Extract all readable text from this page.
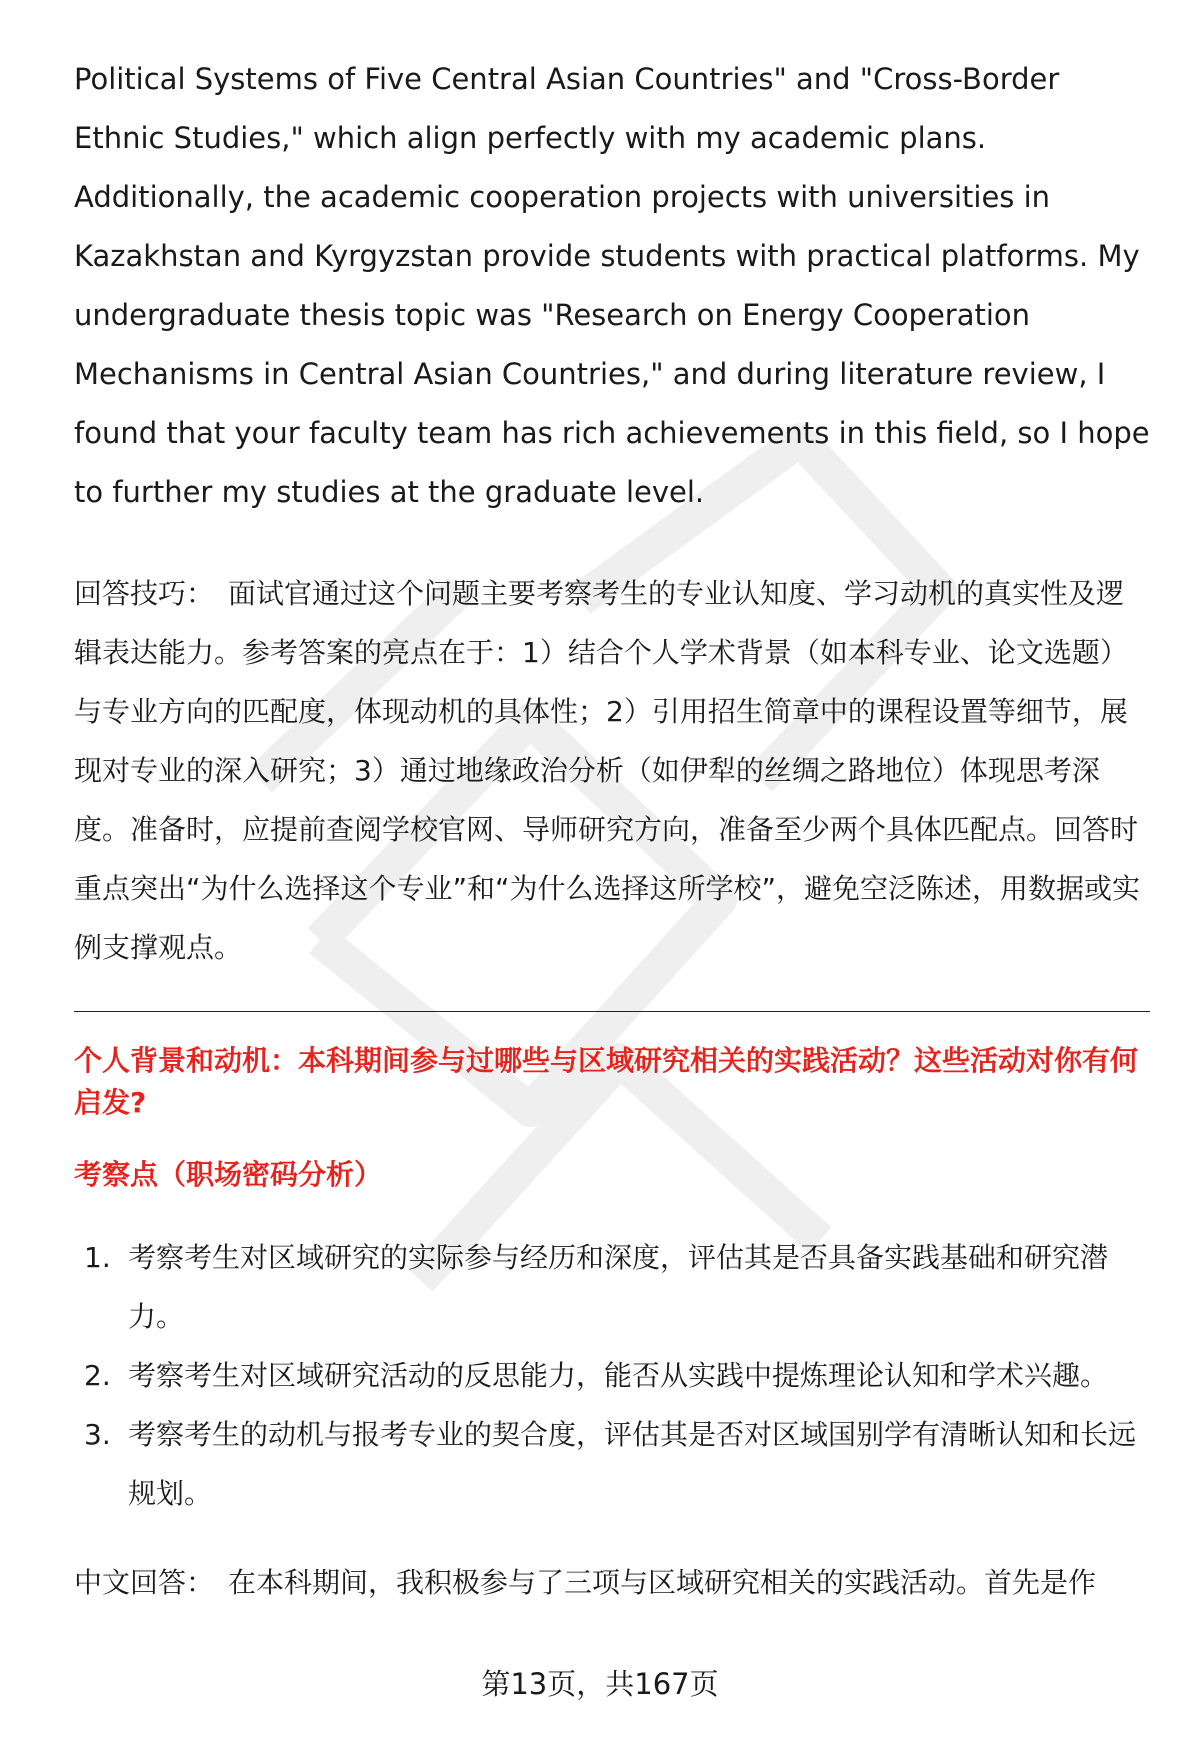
Political Systems of Five Central Asian Countries" and "Cross-Border Ethnic Studies," which align perfectly with my academic plans. Additionally, the academic cooperation projects with universities in Kazakhstan and Kyrgyzstan provide students with practical platforms. My undergraduate thesis topic was "Research on Energy Cooperation Mechanisms in Central Asian Countries," and during literature review, I found that your faculty team has rich achievements in this field, so I hope to further my studies at the graduate level.

回答技巧： 面试官通过这个问题主要考察考生的专业认知度、学习动机的真实性及逻辑表达能力。参考答案的亮点在于：1）结合个人学术背景（如本科专业、论文选题）与专业方向的匹配度，体现动机的具体性；2）引用招生简章中的课程设置等细节，展现对专业的深入研究；3）通过地缘政治分析（如伊犁的丝绸之路地位）体现思考深度。准备时，应提前查阅学校官网、导师研究方向，准备至少两个具体匹配点。回答时重点突出“为什么选择这个专业”和“为什么选择这所学校”，避免空泛陈述，用数据或实例支撑观点。

个人背景和动机：本科期间参与过哪些与区域研究相关的实践活动？这些活动对你有何启发?

考察点（职场密码分析）

1. 考察考生对区域研究的实际参与经历和深度，评估其是否具备实践基础和研究潜力。
2. 考察考生对区域研究活动的反思能力，能否从实践中提炼理论认知和学术兴趣。
3. 考察考生的动机与报考专业的契合度，评估其是否对区域国别学有清晰认知和长远规划。

中文回答： 在本科期间，我积极参与了三项与区域研究相关的实践活动。首先是作

第13页，共167页
